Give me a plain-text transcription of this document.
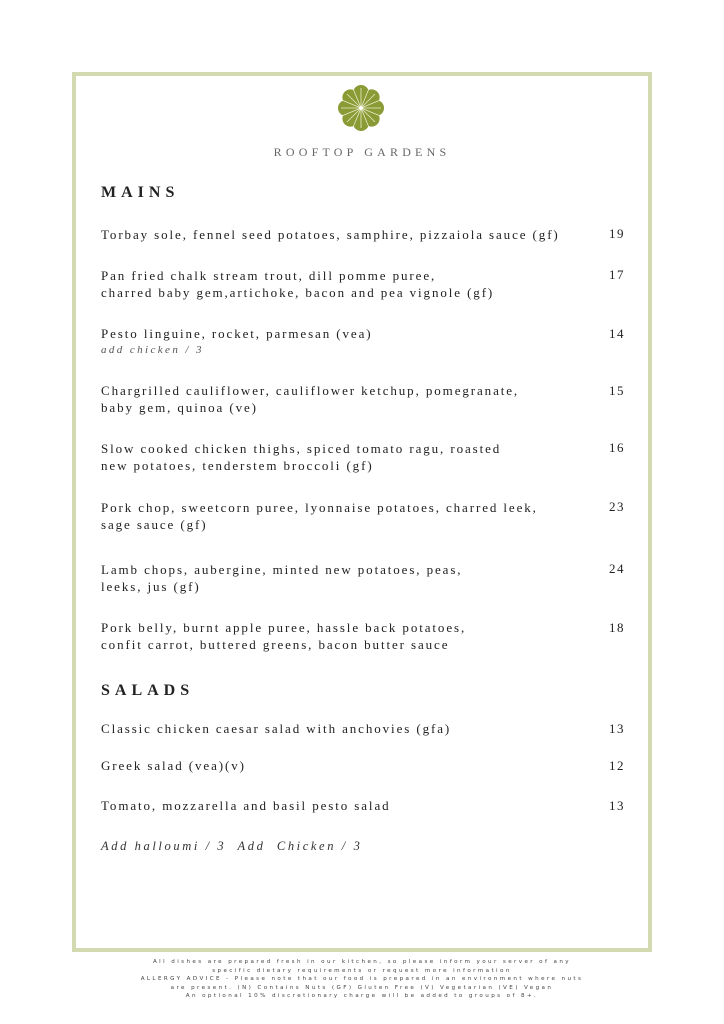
ROOFTOP GARDENS
MAINS
Torbay sole, fennel seed potatoes, samphire, pizzaiola sauce (gf)	19
Pan fried chalk stream trout, dill pomme puree,
charred baby gem,artichoke, bacon and pea vignole (gf)
17
Pesto linguine, rocket, parmesan (vea)
add chicken / 3
14
Chargrilled cauliflower, cauliflower ketchup, pomegranate,
baby gem, quinoa (ve)
15
Slow cooked chicken thighs, spiced tomato ragu, roasted
new potatoes, tenderstem broccoli (gf)
16
Pork chop, sweetcorn puree, lyonnaise potatoes, charred leek,
sage sauce (gf)
23
Lamb chops, aubergine, minted new potatoes, peas,
leeks, jus (gf)
24
Pork belly, burnt apple puree, hassle back potatoes,
confit carrot, buttered greens, bacon butter sauce
18
SALADS
Classic chicken caesar salad with anchovies (gfa)	13
Greek salad (vea)(v)	12
Tomato, mozzarella and basil pesto salad	13
Add halloumi / 3  Add  Chicken / 3
All dishes are prepared fresh in our kitchen, so please inform your server of any
specific dietary requirements or request more information
ALLERGY ADVICE - Please note that our food is prepared in an environment where nuts
are present. (N) Contains Nuts (GF) Gluten Free (V) Vegetarian (VE) Vegan
An optional 10% discretionary charge will be added to groups of 8+.
